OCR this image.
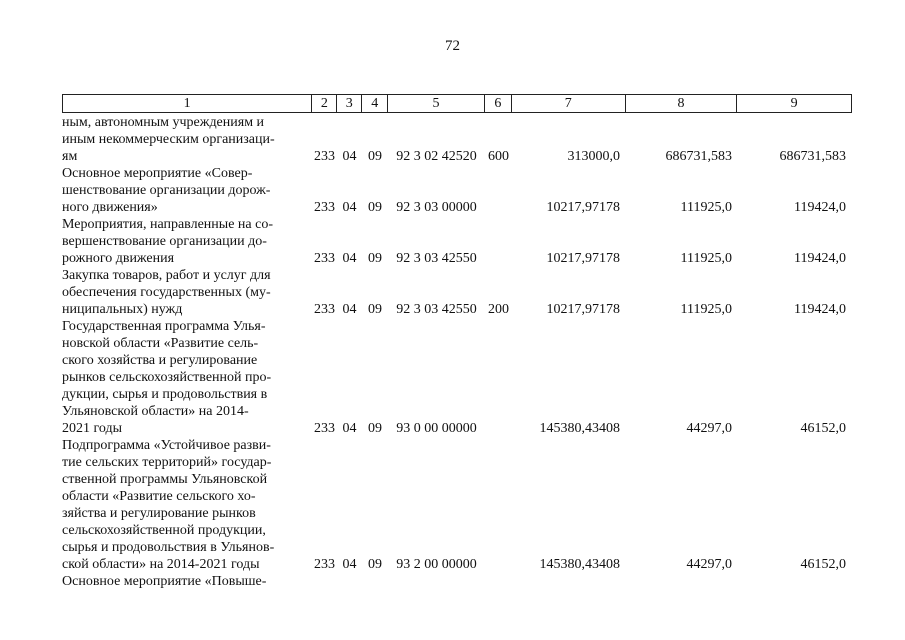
72
1	2	3	4	5	6	7	8	9
ным, автономным учреждениям и
иным некоммерческим организаци-
ям	233 04 09	92 3 02 42520 600	313000,0	686731,583	686731,583
Основное мероприятие «Совер-
шенствование организации дорож-
ного движения»	233 04 09	92 3 03 00000	10217,97178	111925,0	119424,0
Мероприятия, направленные на со-
вершенствование организации до-
рожного движения	233 04 09	92 3 03 42550	10217,97178	111925,0	119424,0
Закупка товаров, работ и услуг для
обеспечения государственных (му-
ниципальных) нужд	233 04 09	92 3 03 42550 200	10217,97178	111925,0	119424,0
Государственная программа Улья-
новской области «Развитие сель-
ского хозяйства и регулирование
рынков сельскохозяйственной про-
дукции, сырья и продовольствия в
Ульяновской области» на 2014-
2021 годы	233 04 09	93 0 00 00000	145380,43408	44297,0	46152,0
Подпрограмма «Устойчивое разви-
тие сельских территорий» государ-
ственной программы Ульяновской
области «Развитие сельского хо-
зяйства и регулирование рынков
сельскохозяйственной продукции,
сырья и продовольствия в Ульянов-
ской области» на 2014-2021 годы	233 04 09	93 2 00 00000	145380,43408	44297,0	46152,0
Основное мероприятие «Повыше-
